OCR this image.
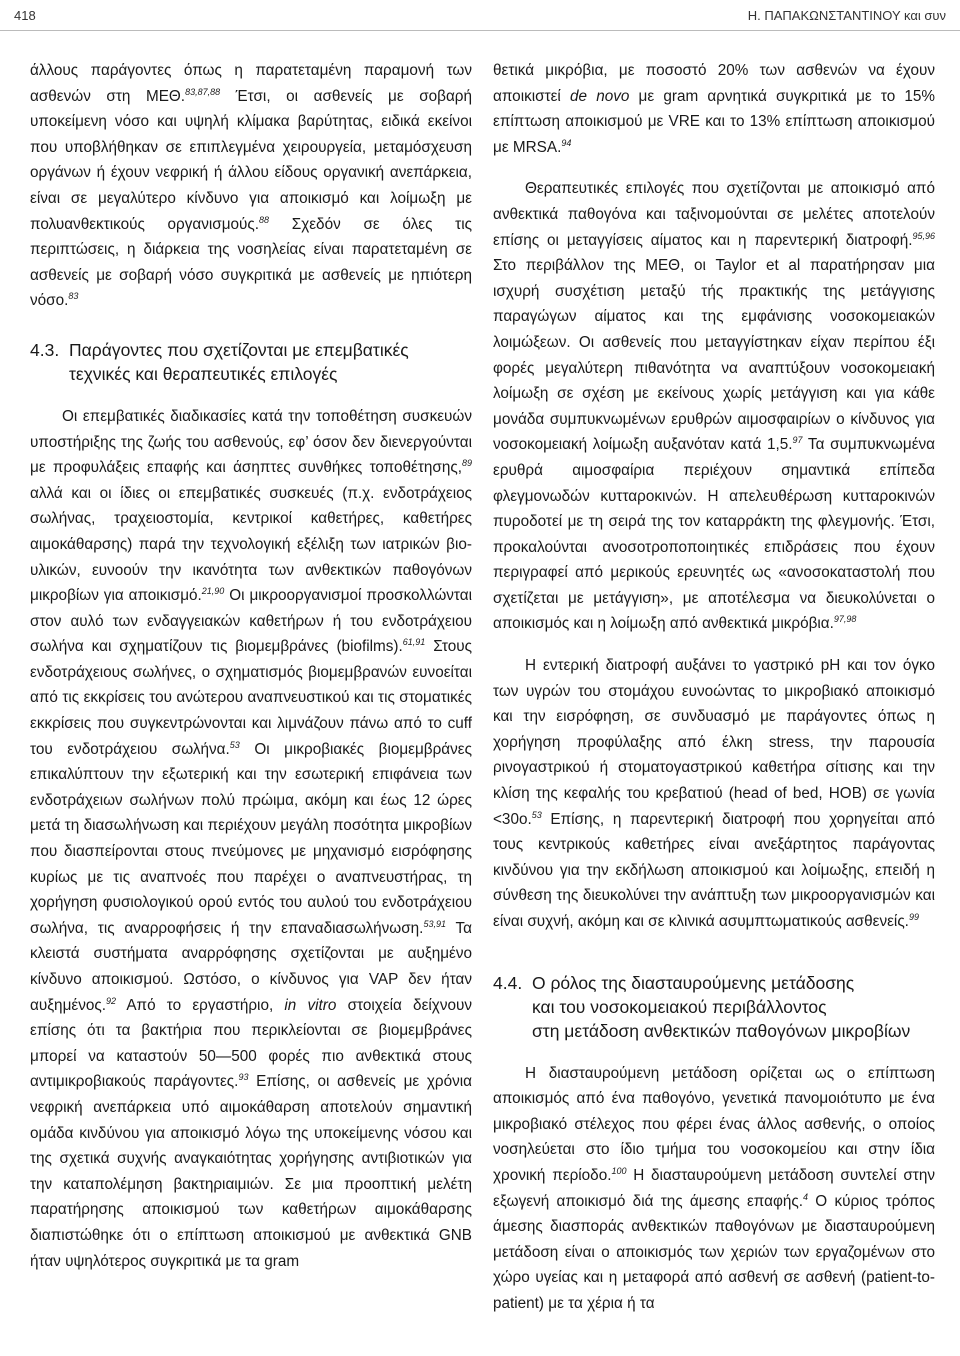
418	Η. ΠΑΠΑΚΩΝΣΤΑΝΤΙΝΟΥ και συν

άλλους παράγοντες όπως η παρατεταμένη παραμονή των ασθενών στη ΜΕΘ.$^{83,87,88}$ Έτσι, οι ασθενείς με σοβαρή υποκείμενη νόσο και υψηλή κλίμακα βαρύτητας, ειδικά εκείνοι που υποβλήθηκαν σε επιπλεγμένα χειρουργεία, μεταμόσχευση οργάνων ή έχουν νεφρική ή άλλου είδους οργανική ανεπάρκεια, είναι σε μεγαλύτερο κίνδυνο για αποικισμό και λοίμωξη με πολυανθεκτικούς οργανισμούς.$^{88}$ Σχεδόν σε όλες τις περιπτώσεις, η διάρκεια της νοσηλείας είναι παρατεταμένη σε ασθενείς με σοβαρή νόσο συγκριτικά με ασθενείς με ηπιότερη νόσο.$^{83}$

4.3. Παράγοντες που σχετίζονται με επεμβατικές
τεχνικές και θεραπευτικές επιλογές

Οι επεμβατικές διαδικασίες κατά την τοποθέτηση συσκευών υποστήριξης της ζωής του ασθενούς, εφ’ όσον δεν διενεργούνται με προφυλάξεις επαφής και άσηπτες συνθήκες τοποθέτησης,$^{89}$ αλλά και οι ίδιες οι επεμβατικές συσκευές (π.χ. ενδοτράχειος σωλήνας, τραχειοστομία, κεντρικοί καθετήρες, καθετήρες αιμοκάθαρσης) παρά την τεχνολογική εξέλιξη των ιατρικών βιο-υλικών, ευνοούν την ικανότητα των ανθεκτικών παθογόνων μικροβίων για αποικισμό.$^{21,90}$ Οι μικροοργανισμοί προσκολλώνται στον αυλό των ενδαγγειακών καθετήρων ή του ενδοτράχειου σωλήνα και σχηματίζουν τις βιομεμβράνες (biofilms).$^{61,91}$ Στους ενδοτράχειους σωλήνες, ο σχηματισμός βιομεμβρανών ευνοείται από τις εκκρίσεις του ανώτερου αναπνευστικού και τις στοματικές εκκρίσεις που συγκεντρώνονται και λιμνάζουν πάνω από το cuff του ενδοτράχειου σωλήνα.$^{53}$ Οι μικροβιακές βιομεμβράνες επικαλύπτουν την εξωτερική και την εσωτερική επιφάνεια των ενδοτράχειων σωλήνων πολύ πρώιμα, ακόμη και έως 12 ώρες μετά τη διασωλήνωση και περιέχουν μεγάλη ποσότητα μικροβίων που διασπείρονται στους πνεύμονες με μηχανισμό εισρόφησης κυρίως με τις αναπνοές που παρέχει ο αναπνευστήρας, τη χορήγηση φυσιολογικού ορού εντός του αυλού του ενδοτράχειου σωλήνα, τις αναρροφήσεις ή την επαναδιασωλήνωση.$^{53,91}$ Τα κλειστά συστήματα αναρρόφησης σχετίζονται με αυξημένο κίνδυνο αποικισμού. Ωστόσο, ο κίνδυνος για VAP δεν ήταν αυξημένος.$^{92}$ Από το εργαστήριο, in vitro στοιχεία δείχνουν επίσης ότι τα βακτήρια που περικλείονται σε βιομεμβράνες μπορεί να καταστούν 50—500 φορές πιο ανθεκτικά στους αντιμικροβιακούς παράγοντες.$^{93}$ Επίσης, οι ασθενείς με χρόνια νεφρική ανεπάρκεια υπό αιμοκάθαρση αποτελούν σημαντική ομάδα κινδύνου για αποικισμό λόγω της υποκείμενης νόσου και της σχετικά συχνής αναγκαιότητας χορήγησης αντιβιοτικών για την καταπολέμηση βακτηριαιμιών. Σε μια προοπτική μελέτη παρατήρησης αποικισμού των καθετήρων αιμοκάθαρσης διαπιστώθηκε ότι ο επίπτωση αποικισμού με ανθεκτικά GNB ήταν υψηλότερος συγκριτικά με τα gram

θετικά μικρόβια, με ποσοστό 20% των ασθενών να έχουν αποικιστεί de novo με gram αρνητικά συγκριτικά με το 15% επίπτωση αποικισμού με VRE και το 13% επίπτωση αποικισμού με MRSA.$^{94}$

Θεραπευτικές επιλογές που σχετίζονται με αποικισμό από ανθεκτικά παθογόνα και ταξινομούνται σε μελέτες αποτελούν επίσης οι μεταγγίσεις αίματος και η παρεντερική διατροφή.$^{95,96}$ Στο περιβάλλον της ΜΕΘ, οι Taylor et al παρατήρησαν μια ισχυρή συσχέτιση μεταξύ τής πρακτικής της μετάγγισης παραγώγων αίματος και της εμφάνισης νοσοκομειακών λοιμώξεων. Οι ασθενείς που μεταγγίστηκαν είχαν περίπου έξι φορές μεγαλύτερη πιθανότητα να αναπτύξουν νοσοκομειακή λοίμωξη σε σχέση με εκείνους χωρίς μετάγγιση και για κάθε μονάδα συμπυκνωμένων ερυθρών αιμοσφαιρίων ο κίνδυνος για νοσοκομειακή λοίμωξη αυξανόταν κατά 1,5.97 Τα συμπυκνωμένα ερυθρά αιμοσφαίρια περιέχουν σημαντικά επίπεδα φλεγμονωδών κυτταροκινών. Η απελευθέρωση κυτταροκινών πυροδοτεί με τη σειρά της τον καταρράκτη της φλεγμονής. Έτσι, προκαλούνται ανοσοτροποποιητικές επιδράσεις που έχουν περιγραφεί από μερικούς ερευνητές ως «ανοσοκαταστολή που σχετίζεται με μετάγγιση», με αποτέλεσμα να διευκολύνεται ο αποικισμός και η λοίμωξη από ανθεκτικά μικρόβια.$^{97,98}$

Η εντερική διατροφή αυξάνει το γαστρικό pH και τον όγκο των υγρών του στομάχου ευνοώντας το μικροβιακό αποικισμό και την εισρόφηση, σε συνδυασμό με παράγοντες όπως η χορήγηση προφύλαξης από έλκη stress, την παρουσία ρινογαστρικού ή στοματογαστρικού καθετήρα σίτισης και την κλίση της κεφαλής του κρεβατιού (head of bed, HOB) σε γωνία <30ο.$^{53}$ Επίσης, η παρεντερική διατροφή που χορηγείται από τους κεντρικούς καθετήρες είναι ανεξάρτητος παράγοντας κινδύνου για την εκδήλωση αποικισμού και λοίμωξης, επειδή η σύνθεση της διευκολύνει την ανάπτυξη των μικροοργανισμών και είναι συχνή, ακόμη και σε κλινικά ασυμπτωματικούς ασθενείς.$^{99}$

4.4. Ο ρόλος της διασταυρούμενης μετάδοσης
και του νοσοκομειακού περιβάλλοντος
στη μετάδοση ανθεκτικών παθογόνων μικροβίων

Η διασταυρούμενη μετάδοση ορίζεται ως ο επίπτωση αποικισμός από ένα παθογόνο, γενετικά πανομοιότυπο με ένα μικροβιακό στέλεχος που φέρει ένας άλλος ασθενής, ο οποίος νοσηλεύεται στο ίδιο τμήμα του νοσοκομείου και στην ίδια χρονική περίοδο.$^{100}$ Η διασταυρούμενη μετάδοση συντελεί στην εξωγενή αποικισμό διά της άμεσης επαφής.$^4$ Ο κύριος τρόπος άμεσης διασποράς ανθεκτικών παθογόνων με διασταυρούμενη μετάδοση είναι ο αποικισμός των χεριών των εργαζομένων στο χώρο υγείας και η μεταφορά από ασθενή σε ασθενή (patient-to-patient) με τα χέρια ή τα
